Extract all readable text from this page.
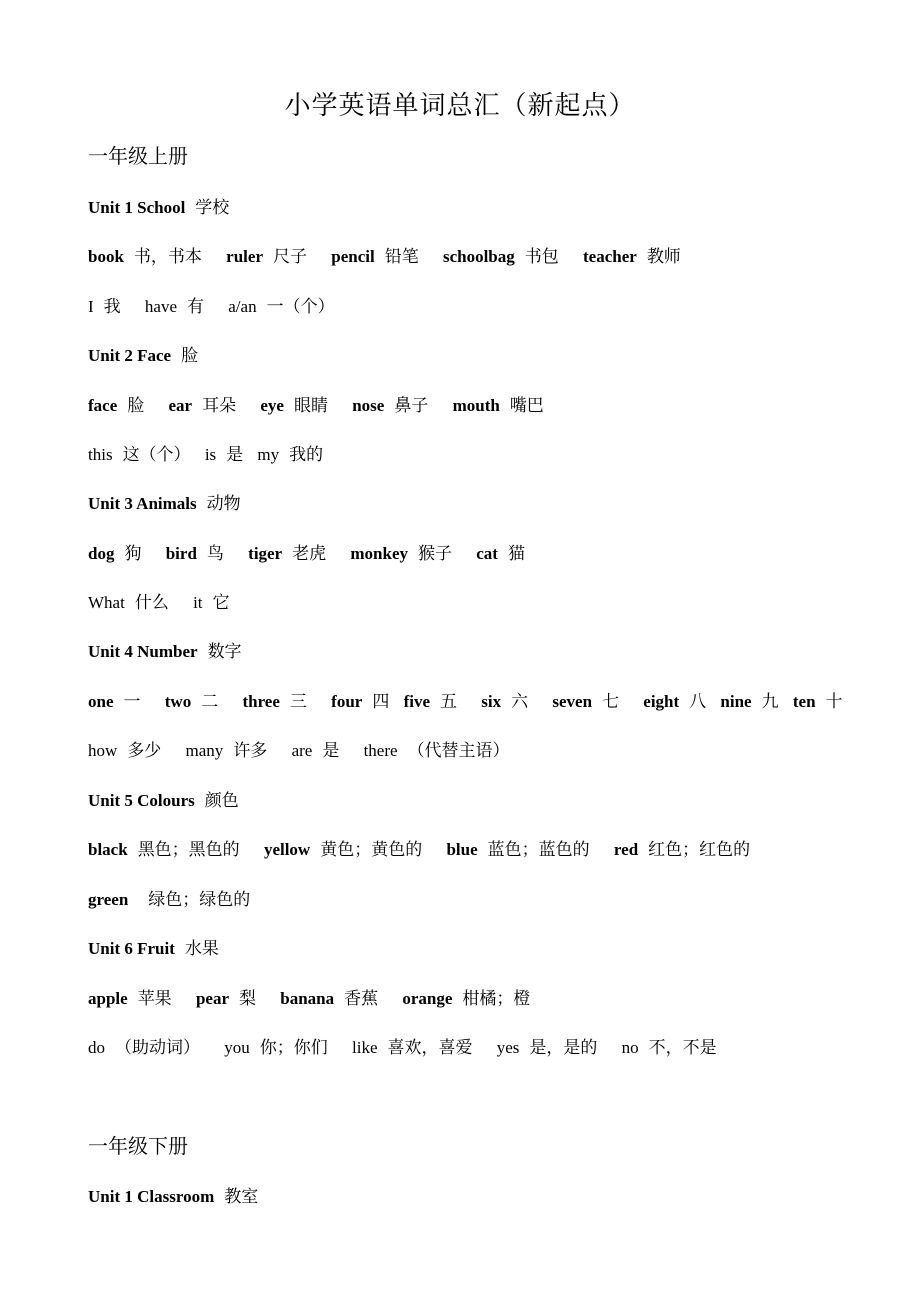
小学英语单词总汇（新起点）
一年级上册
Unit 1 School 学校
book 书，书本 ruler 尺子 pencil 铅笔 schoolbag 书包 teacher 教师
I 我 have 有 a/an 一（个）
Unit 2 Face 脸
face 脸 ear 耳朵 eye 眼睛 nose 鼻子 mouth 嘴巴
this 这（个） is 是 my 我的
Unit 3 Animals 动物
dog 狗 bird 鸟 tiger 老虎 monkey 猴子 cat 猫
What 什么 it 它
Unit 4 Number 数字
one 一 two 二 three 三 four 四 five 五 six 六 seven 七 eight 八 nine 九 ten 十
how 多少 many 许多 are 是 there （代替主语）
Unit 5 Colours 颜色
black 黑色；黑色的 yellow 黄色；黄色的 blue 蓝色；蓝色的 red 红色；红色的
green 绿色；绿色的
Unit 6 Fruit 水果
apple 苹果 pear 梨 banana 香蕉 orange 柑橘；橙
do （助动词） you 你；你们 like 喜欢，喜爱 yes 是，是的 no 不，不是
一年级下册
Unit 1 Classroom 教室
